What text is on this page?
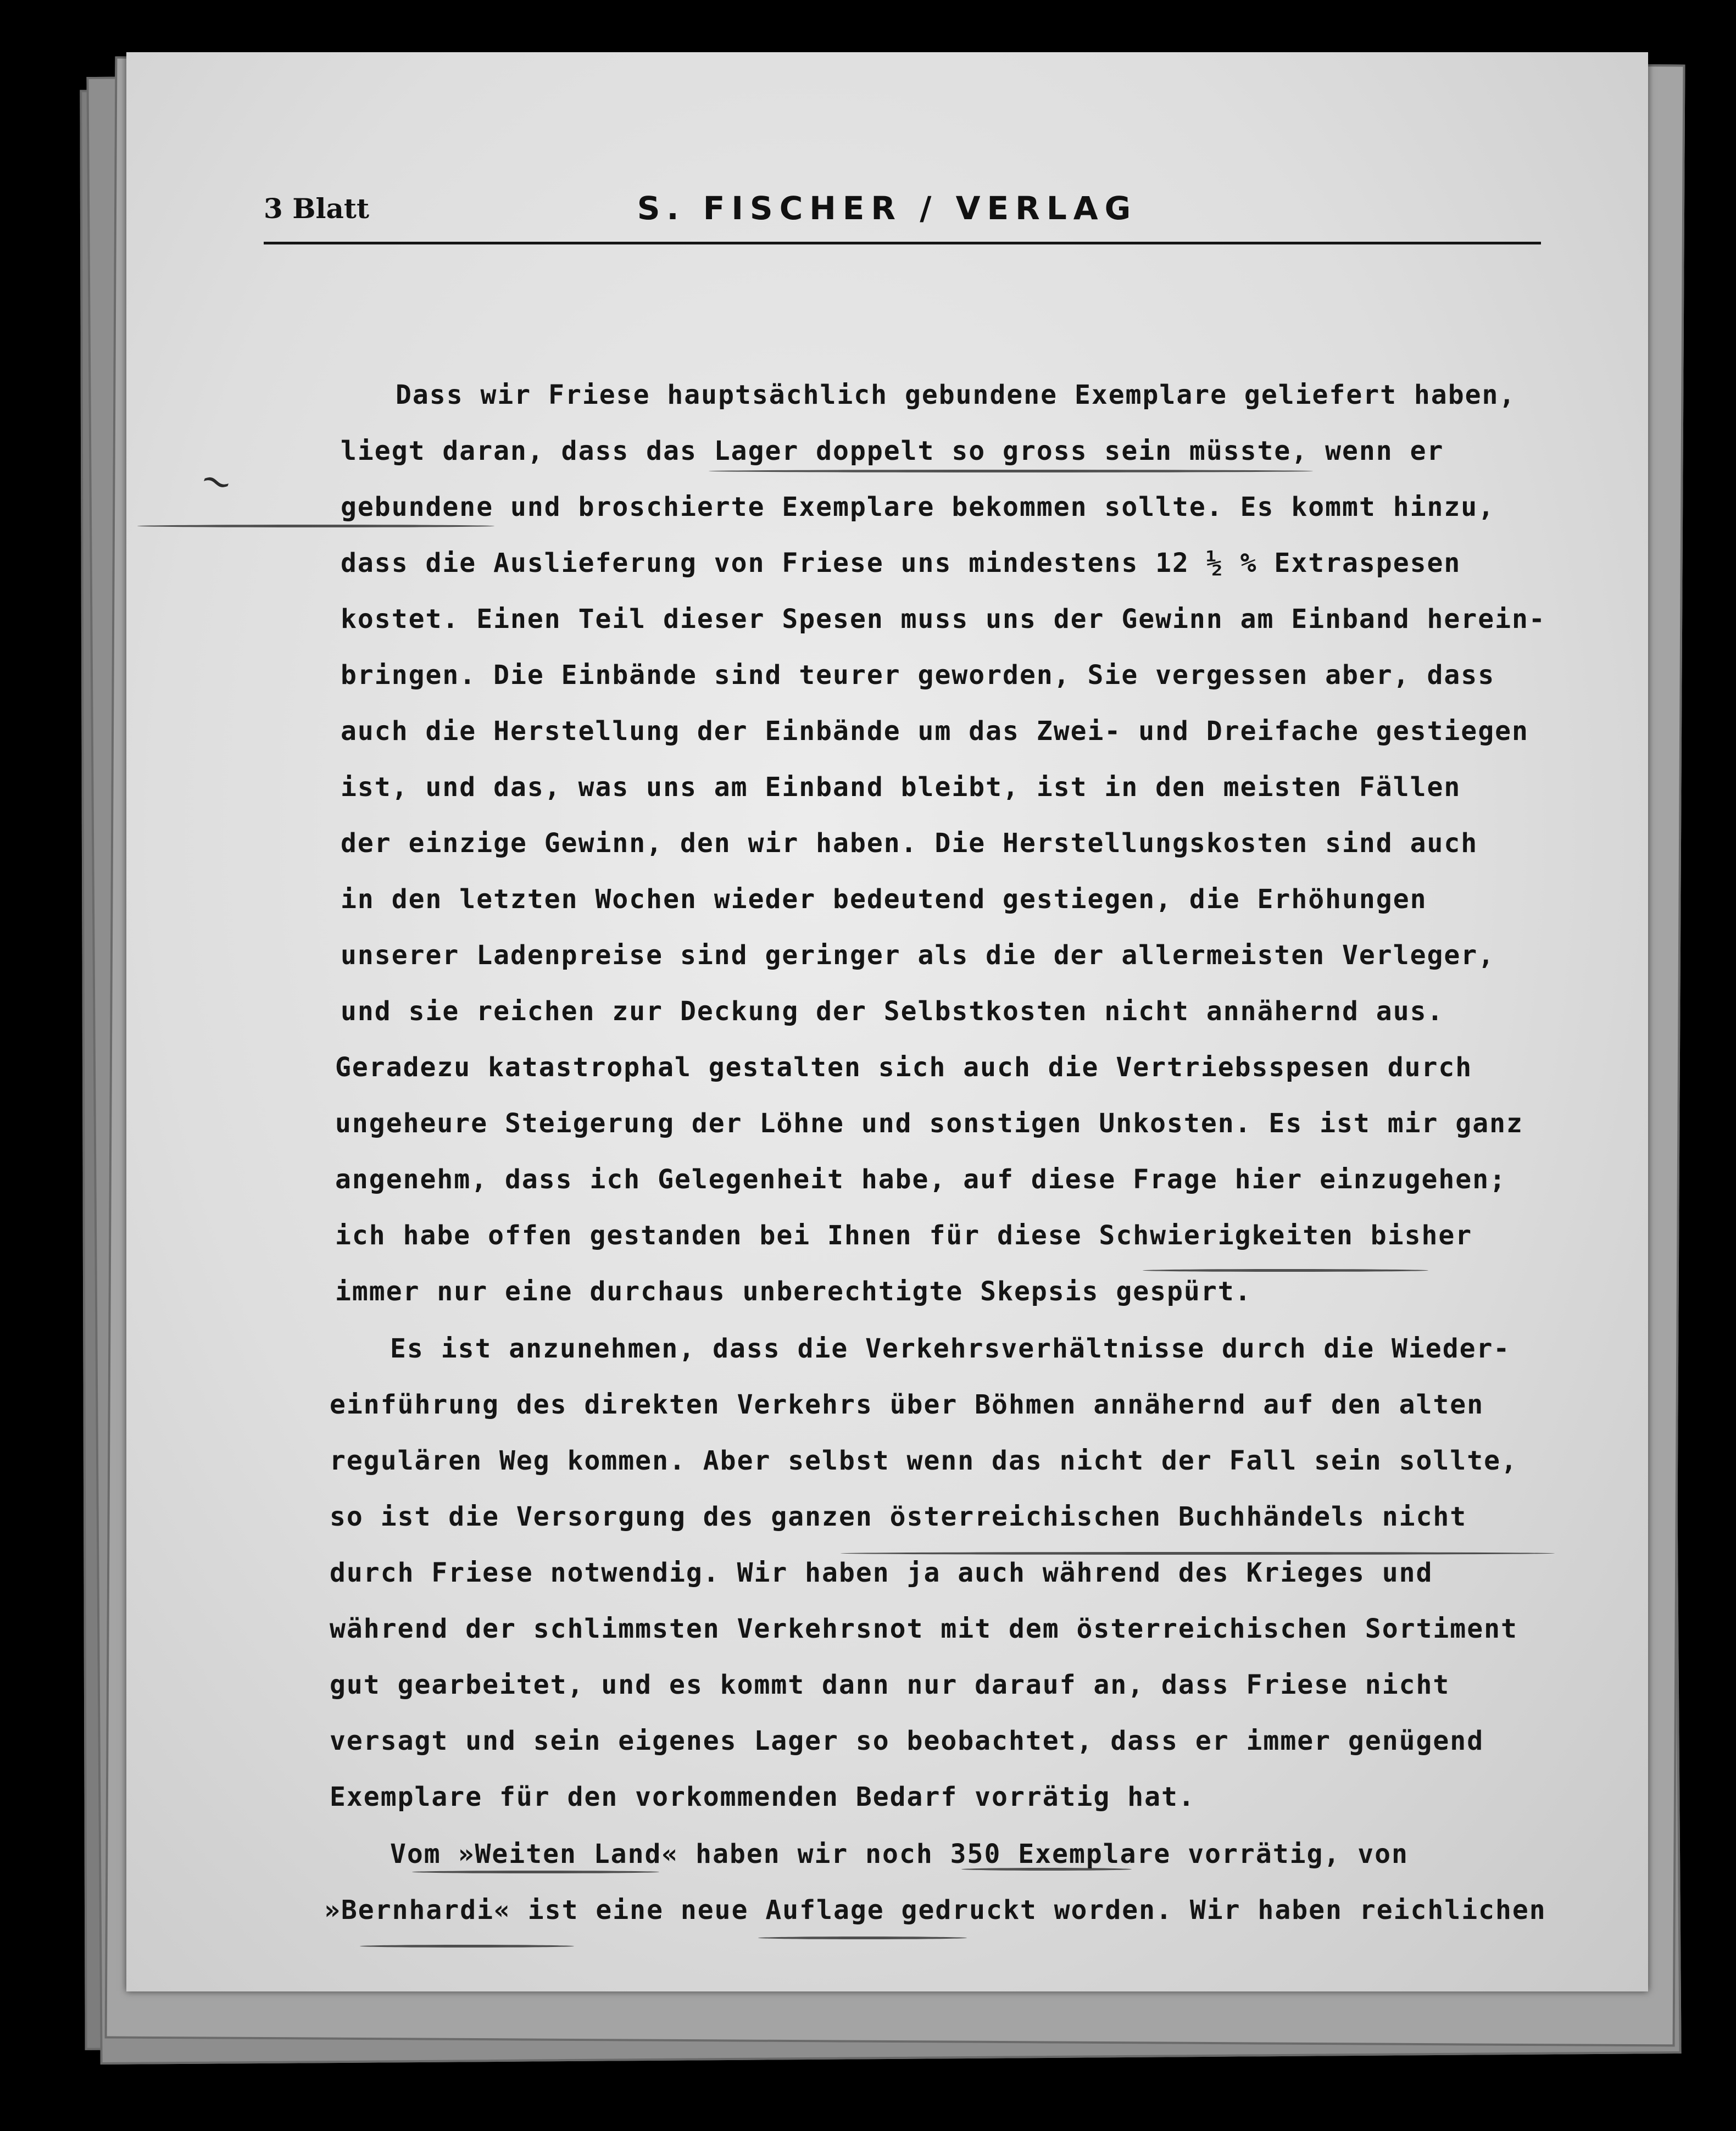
3 Blatt	S. FISCHER / VERLAG
~
Dass wir Friese hauptsächlich gebundene Exemplare geliefert haben,
liegt daran, dass das Lager doppelt so gross sein müsste, wenn er
gebundene und broschierte Exemplare bekommen sollte. Es kommt hinzu,
dass die Auslieferung von Friese uns mindestens 12 ½ % Extraspesen
kostet. Einen Teil dieser Spesen muss uns der Gewinn am Einband herein-
bringen. Die Einbände sind teurer geworden, Sie vergessen aber, dass
auch die Herstellung der Einbände um das Zwei- und Dreifache gestiegen
ist, und das, was uns am Einband bleibt, ist in den meisten Fällen
der einzige Gewinn, den wir haben. Die Herstellungskosten sind auch
in den letzten Wochen wieder bedeutend gestiegen, die Erhöhungen
unserer Ladenpreise sind geringer als die der allermeisten Verleger,
und sie reichen zur Deckung der Selbstkosten nicht annähernd aus.
Geradezu katastrophal gestalten sich auch die Vertriebsspesen durch
ungeheure Steigerung der Löhne und sonstigen Unkosten. Es ist mir ganz
angenehm, dass ich Gelegenheit habe, auf diese Frage hier einzugehen;
ich habe offen gestanden bei Ihnen für diese Schwierigkeiten bisher
immer nur eine durchaus unberechtigte Skepsis gespürt.
Es ist anzunehmen, dass die Verkehrsverhältnisse durch die Wieder-
einführung des direkten Verkehrs über Böhmen annähernd auf den alten
regulären Weg kommen. Aber selbst wenn das nicht der Fall sein sollte,
so ist die Versorgung des ganzen österreichischen Buchhändels nicht
durch Friese notwendig. Wir haben ja auch während des Krieges und
während der schlimmsten Verkehrsnot mit dem österreichischen Sortiment
gut gearbeitet, und es kommt dann nur darauf an, dass Friese nicht
versagt und sein eigenes Lager so beobachtet, dass er immer genügend
Exemplare für den vorkommenden Bedarf vorrätig hat.
Vom »Weiten Land« haben wir noch 350 Exemplare vorrätig, von
»Bernhardi« ist eine neue Auflage gedruckt worden. Wir haben reichlichen
